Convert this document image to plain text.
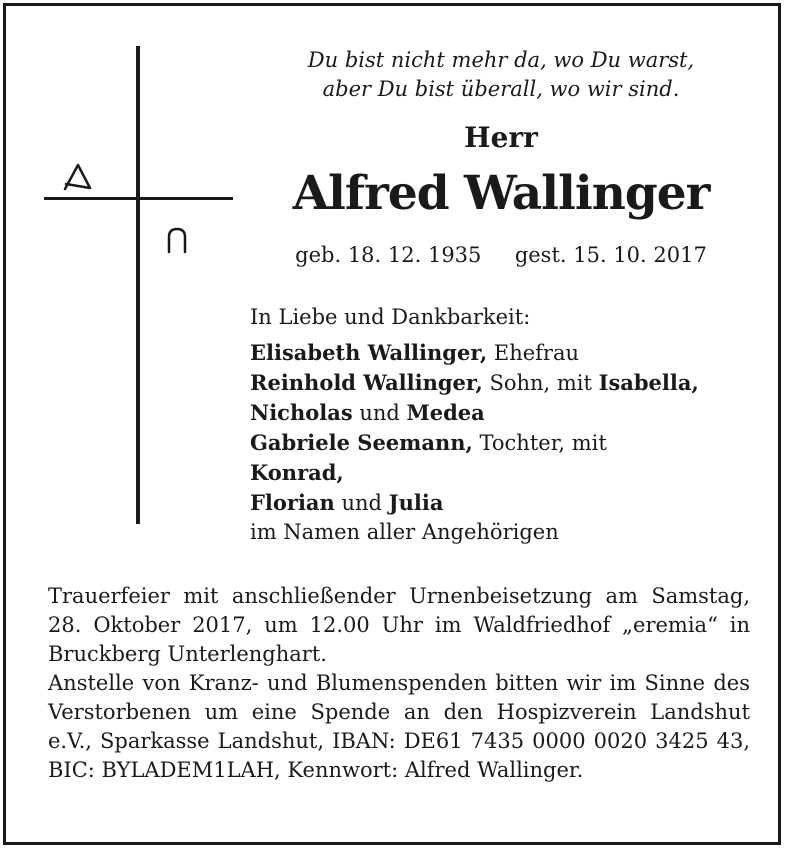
Du bist nicht mehr da, wo Du warst,
aber Du bist überall, wo wir sind.
Herr
Alfred Wallinger
geb. 18. 12. 1935 gest. 15. 10. 2017
In Liebe und Dankbarkeit:
Elisabeth Wallinger, Ehefrau
Reinhold Wallinger, Sohn, mit Isabella,
Nicholas und Medea
Gabriele Seemann, Tochter, mit
Konrad,
Florian und Julia
im Namen aller Angehörigen

Trauerfeier mit anschließender Urnenbeisetzung am Samstag, 28. Oktober 2017, um 12.00 Uhr im Waldfriedhof „eremia“ in Bruckberg Unterlenghart.

Anstelle von Kranz- und Blumenspenden bitten wir im Sinne des Verstorbenen um eine Spende an den Hospizverein Landshut e.V., Sparkasse Landshut, IBAN: DE61 7435 0000 0020 3425 43, BIC: BYLADEM1LAH, Kennwort: Alfred Wallinger.
